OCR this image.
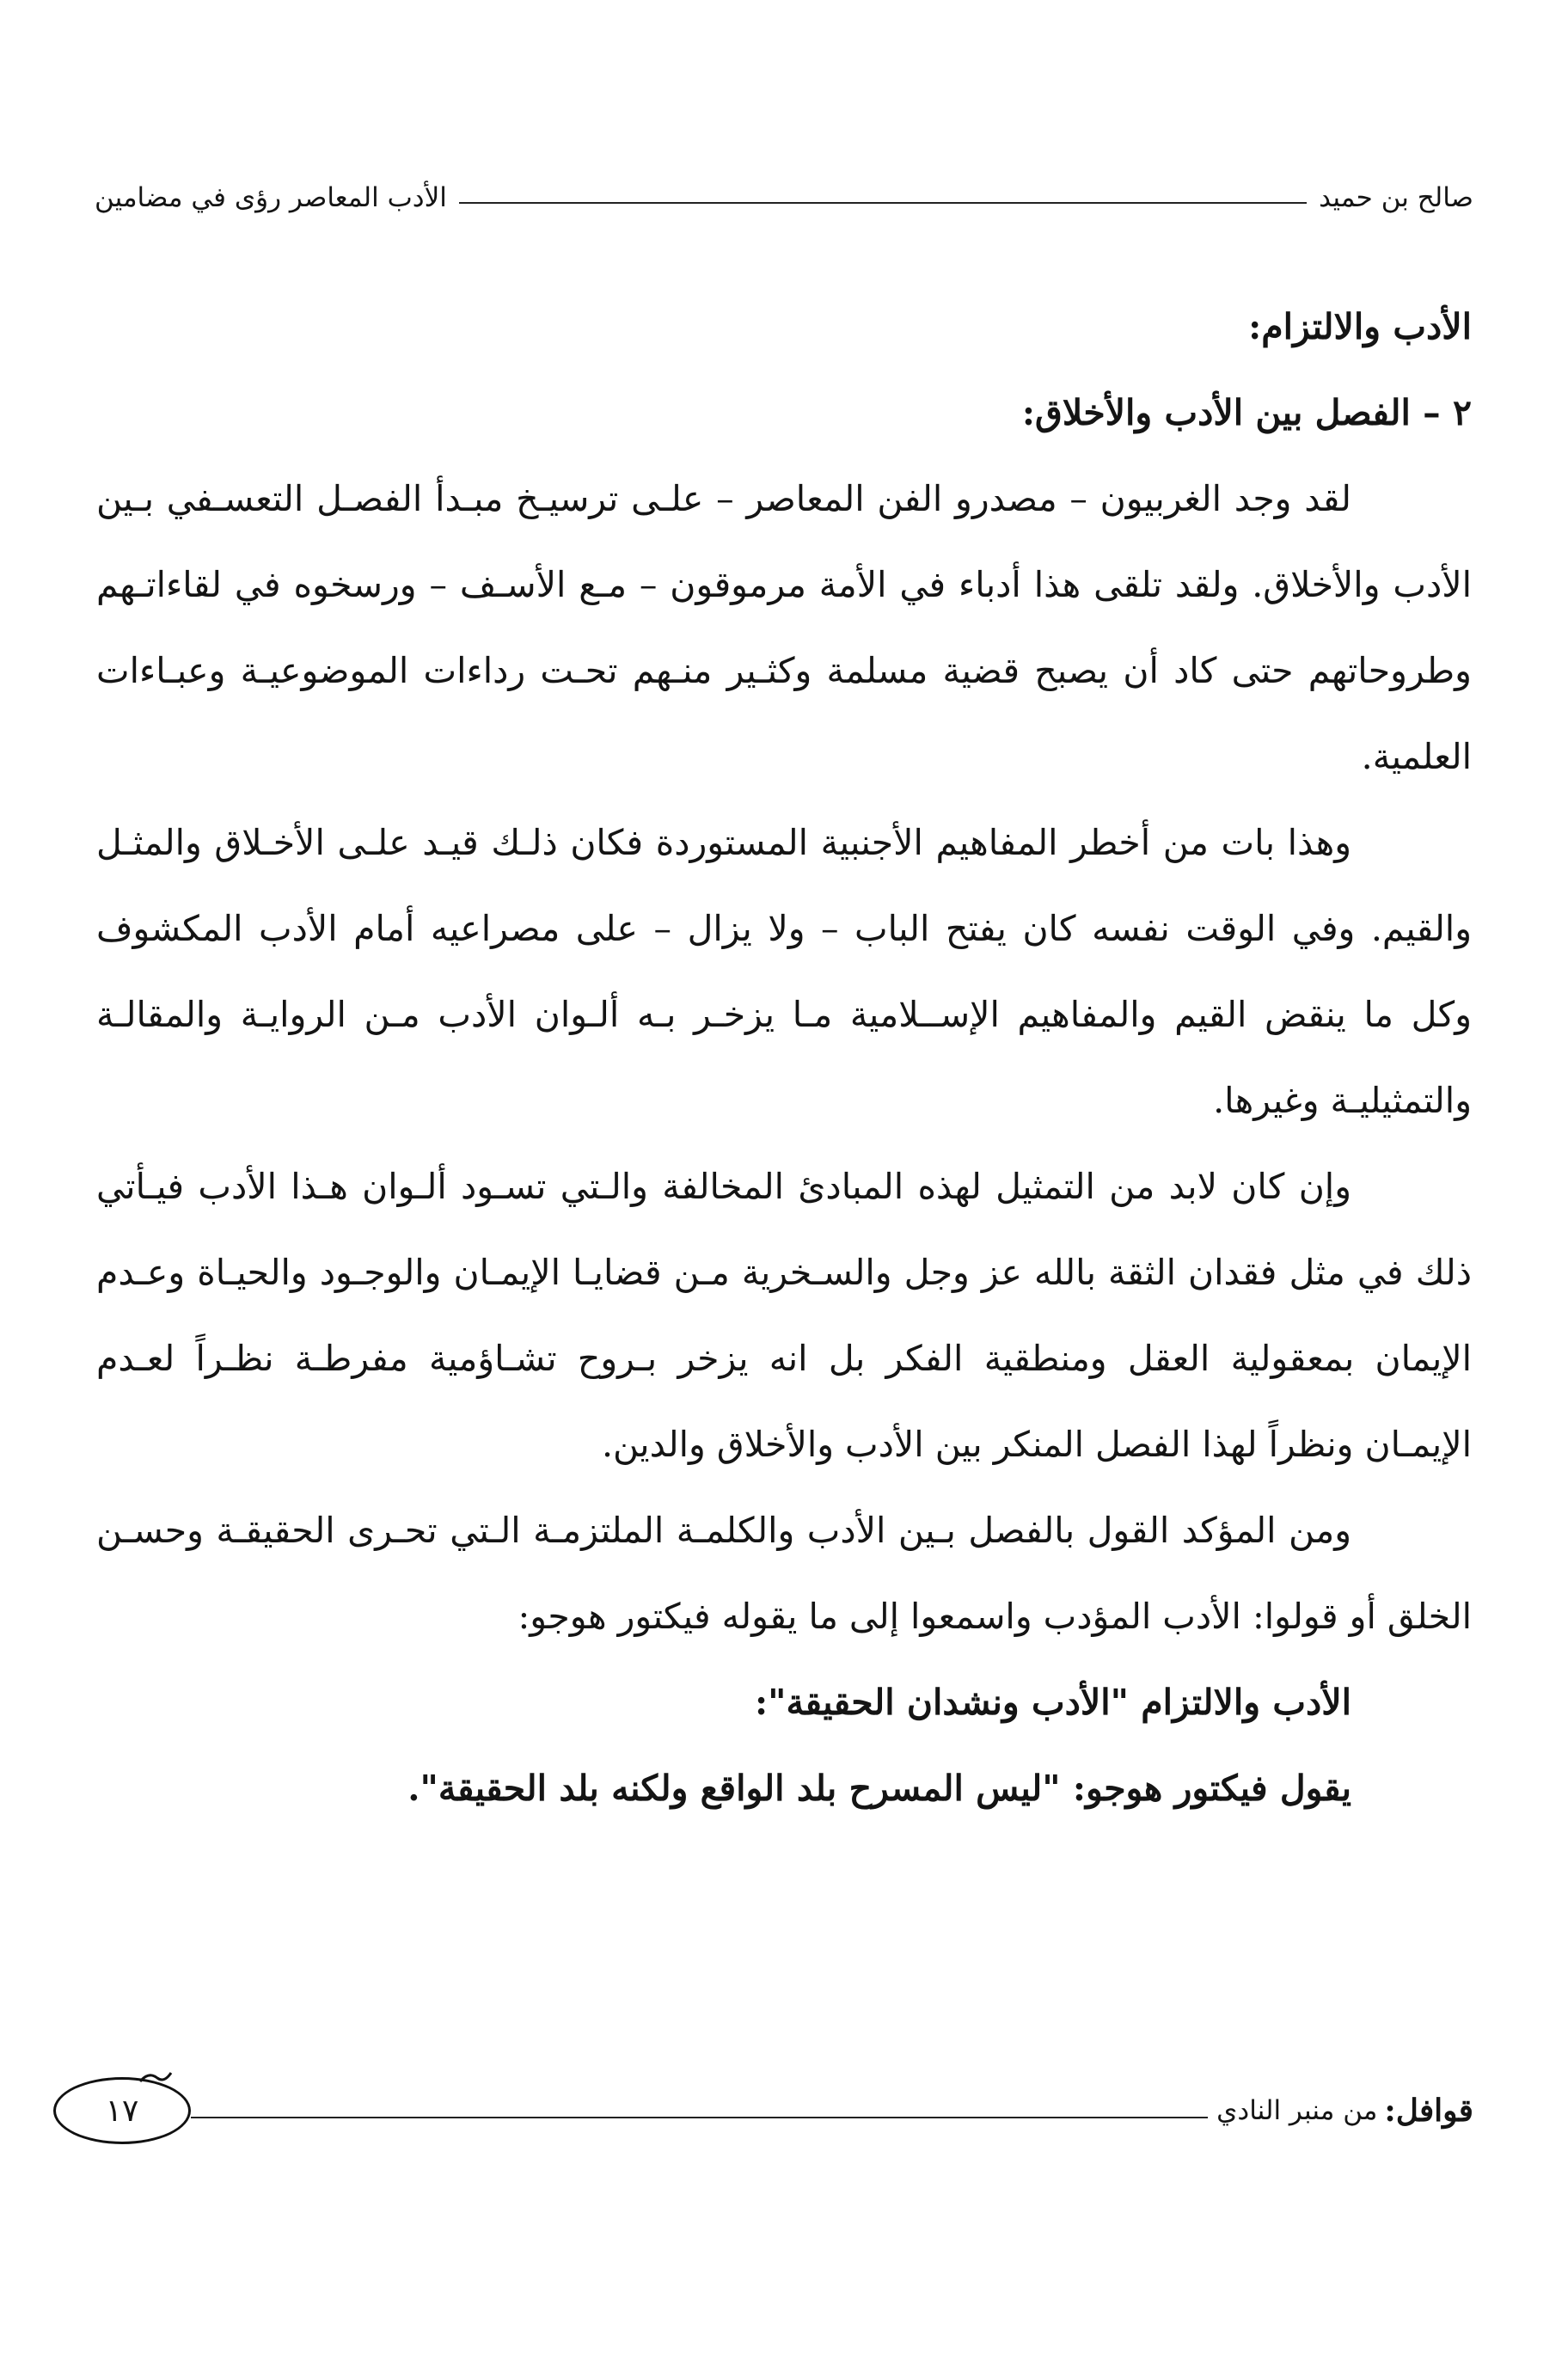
الأدب المعاصر رؤى في مضامين	صالح بن حميد

الأدب والالتزام:

٢ – الفصل بين الأدب والأخلاق:

لقد وجد الغربيون – مصدرو الفن المعاصر – علـى ترسيـخ مبـدأ الفصـل التعسـفي بـين الأدب والأخلاق. ولقد تلقى هذا أدباء في الأمة مرموقون – مـع الأسـف – ورسخوه في لقاءاتـهم وطروحاتهم حتى كاد أن يصبح قضية مسلمة وكثـير منـهم تحـت رداءات الموضوعيـة وعبـاءات العلمية.

وهذا بات من أخطر المفاهيم الأجنبية المستوردة فكان ذلـك قيـد علـى الأخـلاق والمثـل والقيم. وفي الوقت نفسه كان يفتح الباب – ولا يزال – على مصراعيه أمام الأدب المكشوف وكل ما ينقض القيم والمفاهيم الإســلامية مـا يزخـر بـه ألـوان الأدب مـن الروايـة والمقالـة والتمثيليـة وغيرها.

وإن كان لابد من التمثيل لهذه المبادئ المخالفة والـتي تسـود ألـوان هـذا الأدب فيـأتي ذلك في مثل فقدان الثقة بالله عز وجل والسـخرية مـن قضايـا الإيمـان والوجـود والحيـاة وعـدم الإيمان بمعقولية العقل ومنطقية الفكر بل انه يزخر بـروح تشـاؤمية مفرطـة نظـراً لعـدم الإيمـان ونظراً لهذا الفصل المنكر بين الأدب والأخلاق والدين.

ومن المؤكد القول بالفصل بـين الأدب والكلمـة الملتزمـة الـتي تحـرى الحقيقـة وحسـن الخلق أو قولوا: الأدب المؤدب واسمعوا إلى ما يقوله فيكتور هوجو:

الأدب والالتزام "الأدب ونشدان الحقيقة":

يقول فيكتور هوجو: "ليس المسرح بلد الواقع ولكنه بلد الحقيقة".

قوافل:
من منبر النادي
١٧
